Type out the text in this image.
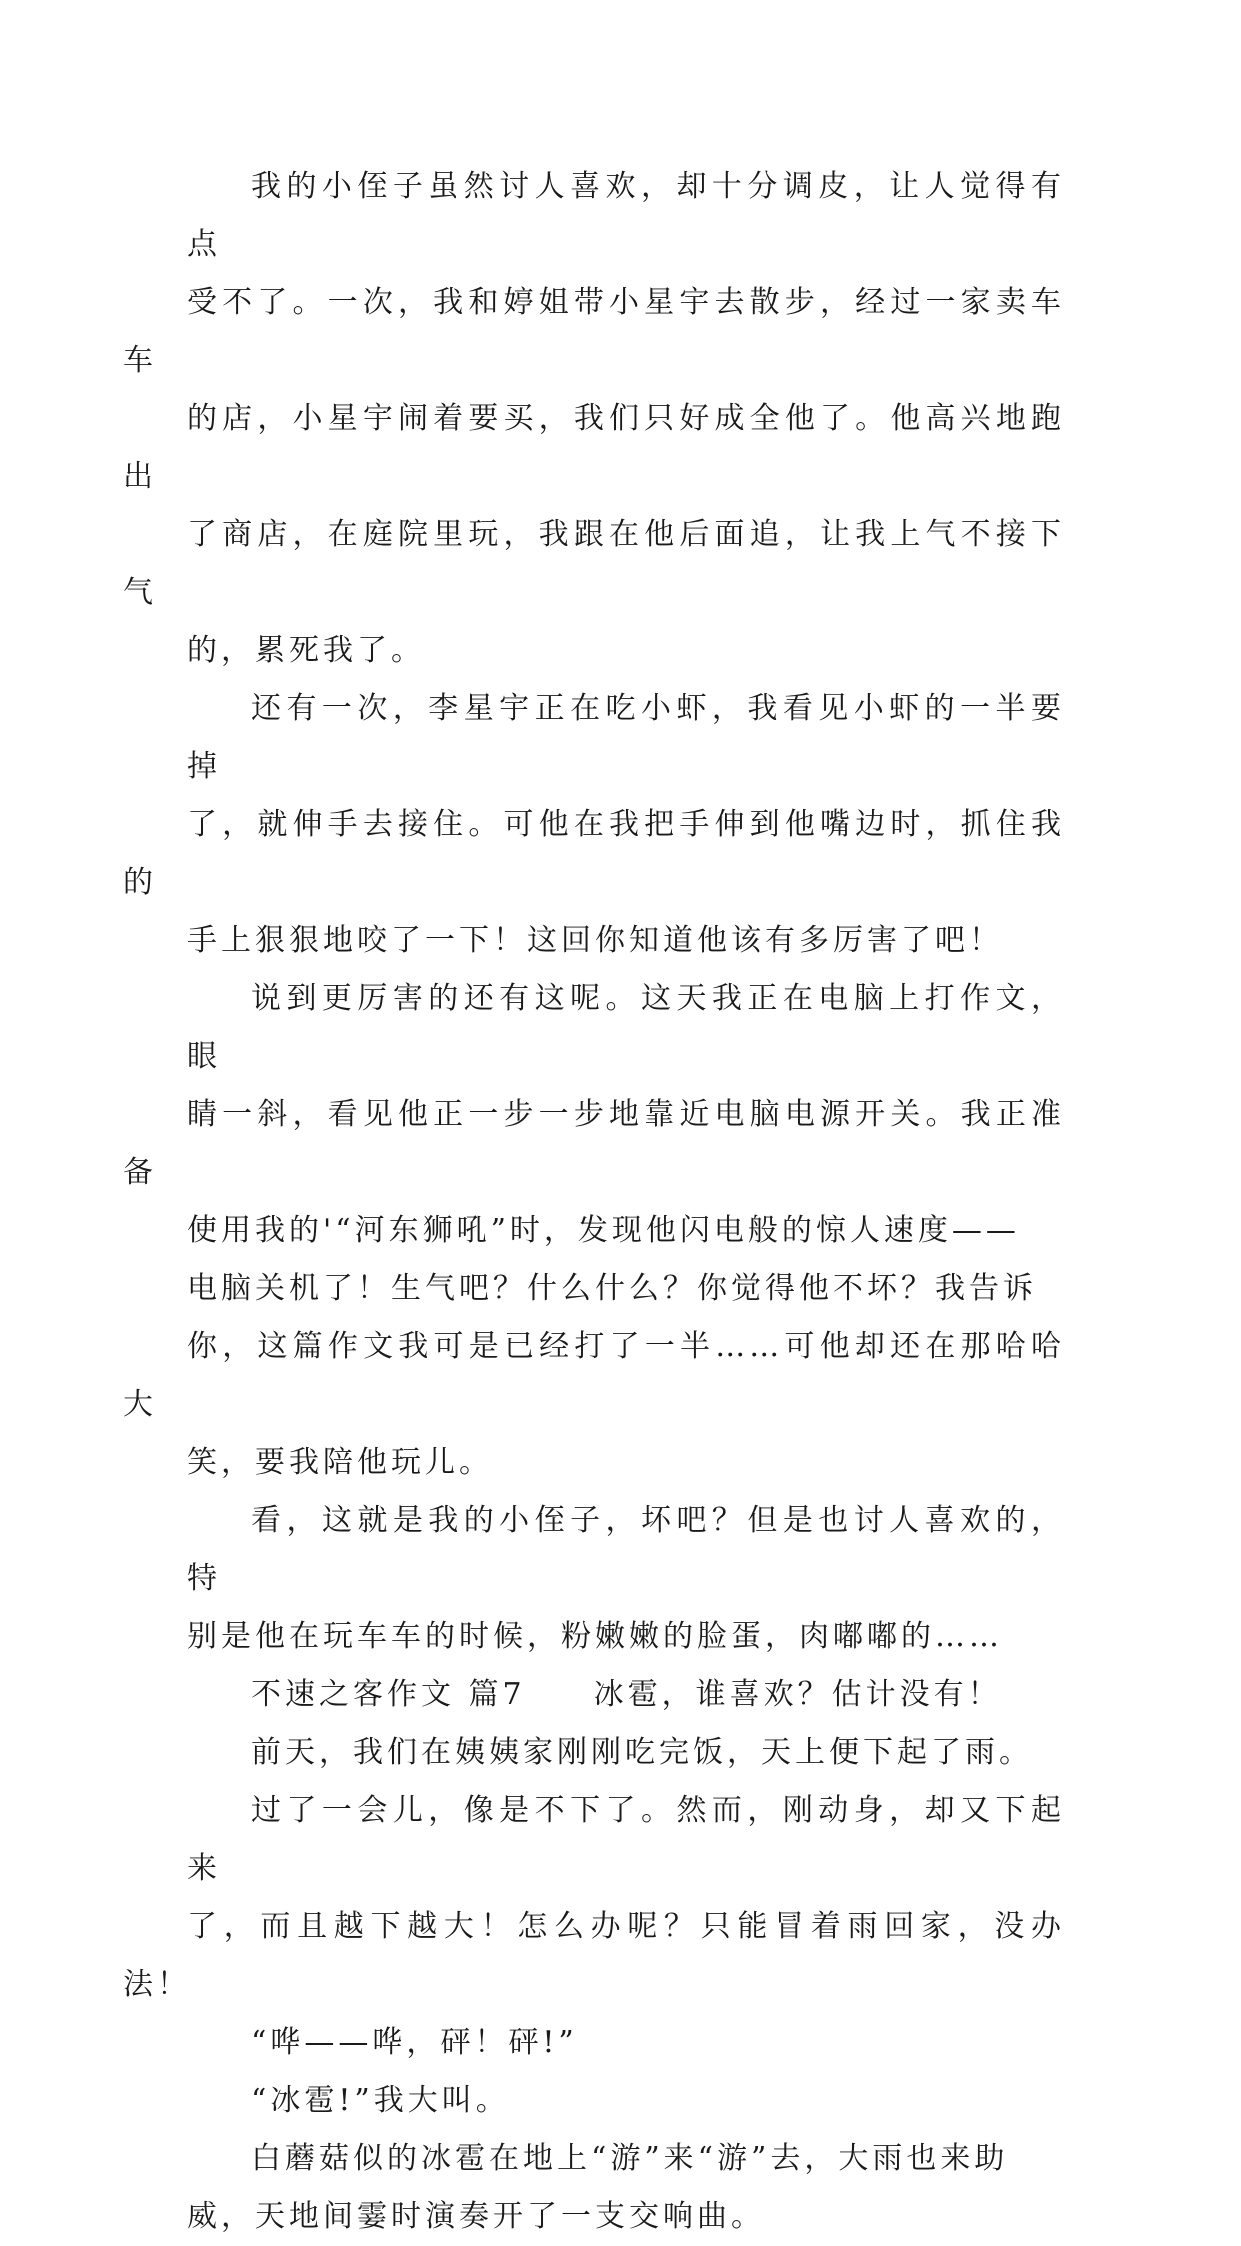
我的小侄子虽然讨人喜欢，却十分调皮，让人觉得有点
受不了。一次，我和婷姐带小星宇去散步，经过一家卖车车
的店，小星宇闹着要买，我们只好成全他了。他高兴地跑出
了商店，在庭院里玩，我跟在他后面追，让我上气不接下气
的，累死我了。

还有一次，李星宇正在吃小虾，我看见小虾的一半要掉
了，就伸手去接住。可他在我把手伸到他嘴边时，抓住我的
手上狠狠地咬了一下！这回你知道他该有多厉害了吧！

说到更厉害的还有这呢。这天我正在电脑上打作文，眼
睛一斜，看见他正一步一步地靠近电脑电源开关。我正准备
使用我的'“河东狮吼”时，发现他闪电般的惊人速度——
电脑关机了！生气吧？什么什么？你觉得他不坏？我告诉
你，这篇作文我可是已经打了一半……可他却还在那哈哈大
笑，要我陪他玩儿。

看，这就是我的小侄子，坏吧？但是也讨人喜欢的，特
别是他在玩车车的时候，粉嫩嫩的脸蛋，肉嘟嘟的……

不速之客作文 篇7　　冰雹，谁喜欢？估计没有！

前天，我们在姨姨家刚刚吃完饭，天上便下起了雨。

过了一会儿，像是不下了。然而，刚动身，却又下起来
了，而且越下越大！怎么办呢？只能冒着雨回家，没办法！

“哗——哗，砰！砰!”

“冰雹!”我大叫。

白蘑菇似的冰雹在地上“游”来“游”去，大雨也来助
威，天地间霎时演奏开了一支交响曲。
